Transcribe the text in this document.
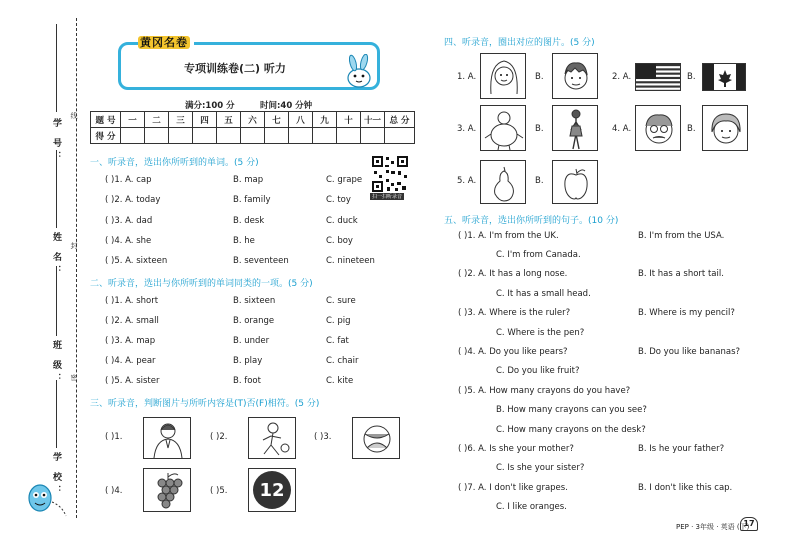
学 号：
线
姓 名： 封
班 级： 密
学 校：
黄冈名卷
专项训练卷(二) 听力
满分:100 分	时间:40 分钟
题 号	一	二	三	四	五	六	七	八	九	十	十一	总 分
得 分												
扫一扫听录音
一、听录音，选出你所听到的单词。(5 分)
( )1. A. cap	B. map	C. grape
( )2. A. today	B. family	C. toy
( )3. A. dad	B. desk	C. duck
( )4. A. she	B. he	C. boy
( )5. A. sixteen	B. seventeen	C. nineteen
二、听录音，选出与你所听到的单词同类的一项。(5 分)
( )1. A. short	B. sixteen	C. sure
( )2. A. small	B. orange	C. pig
( )3. A. map	B. under	C. fat
( )4. A. pear	B. play	C. chair
( )5. A. sister	B. foot	C. kite
三、听录音，判断图片与所听内容是(T)否(F)相符。(5 分)
( )1.	( )2.	( )3.
( )4.	( )5.	12
四、听录音，圈出对应的图片。(5 分)
1. A.	B.	2. A.	B.
3. A.	B.	4. A.	B.
5. A.	B.
五、听录音，选出你所听到的句子。(10 分)
( )1. A. I'm from the UK.	B. I'm from the USA.
C. I'm from Canada.
( )2. A. It has a long nose.	B. It has a short tail.
C. It has a small head.
( )3. A. Where is the ruler?	B. Where is my pencil?
C. Where is the pen?
( )4. A. Do you like pears?	B. Do you like bananas?
C. Do you like fruit?
( )5. A. How many crayons do you have?
B. How many crayons can you see?
C. How many crayons on the desk?
( )6. A. Is she your mother?	B. Is he your father?
C. Is she your sister?
( )7. A. I don't like grapes.	B. I don't like this cap.
C. I like oranges.
PEP · 3年级 · 英语 (下)
17
